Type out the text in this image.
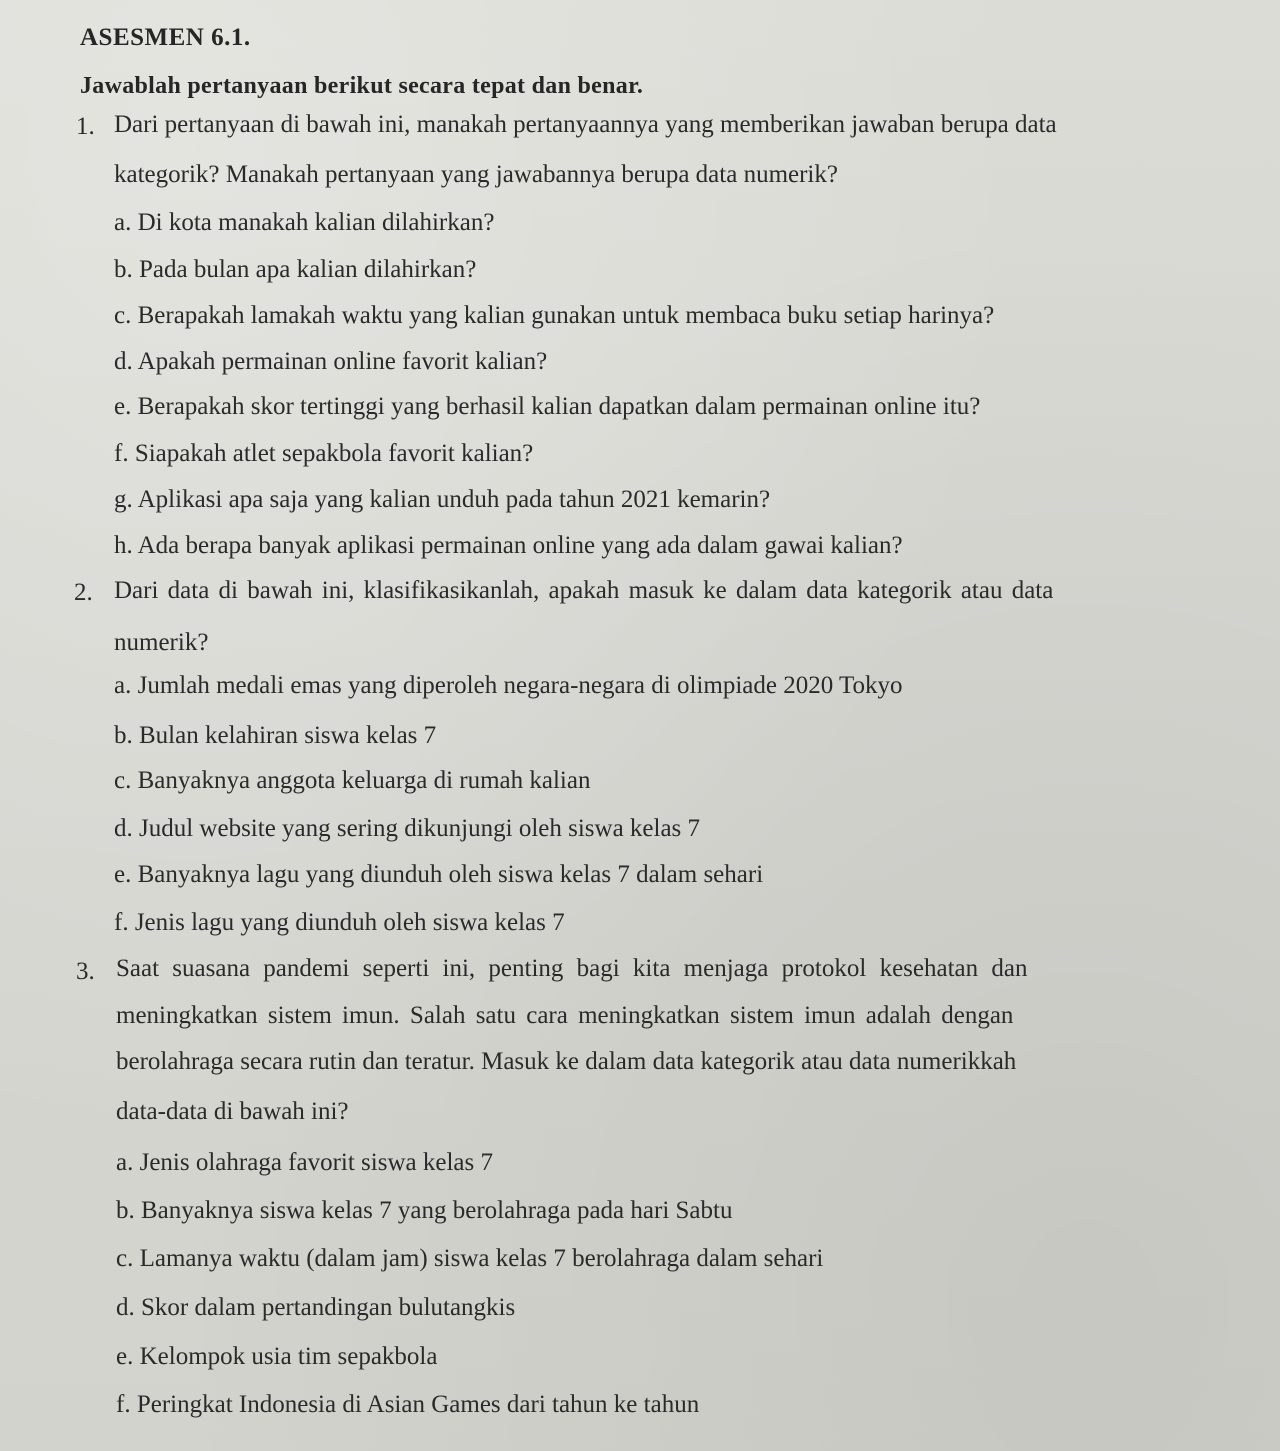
ASESMEN 6.1.
Jawablah pertanyaan berikut secara tepat dan benar.
1. Dari pertanyaan di bawah ini, manakah pertanyaannya yang memberikan jawaban berupa data
kategorik? Manakah pertanyaan yang jawabannya berupa data numerik?
a. Di kota manakah kalian dilahirkan?
b. Pada bulan apa kalian dilahirkan?
c. Berapakah lamakah waktu yang kalian gunakan untuk membaca buku setiap harinya?
d. Apakah permainan online favorit kalian?
e. Berapakah skor tertinggi yang berhasil kalian dapatkan dalam permainan online itu?
f. Siapakah atlet sepakbola favorit kalian?
g. Aplikasi apa saja yang kalian unduh pada tahun 2021 kemarin?
h. Ada berapa banyak aplikasi permainan online yang ada dalam gawai kalian?
2. Dari data di bawah ini, klasifikasikanlah, apakah masuk ke dalam data kategorik atau data
numerik?
a. Jumlah medali emas yang diperoleh negara-negara di olimpiade 2020 Tokyo
b. Bulan kelahiran siswa kelas 7
c. Banyaknya anggota keluarga di rumah kalian
d. Judul website yang sering dikunjungi oleh siswa kelas 7
e. Banyaknya lagu yang diunduh oleh siswa kelas 7 dalam sehari
f. Jenis lagu yang diunduh oleh siswa kelas 7
3. Saat suasana pandemi seperti ini, penting bagi kita menjaga protokol kesehatan dan
meningkatkan sistem imun. Salah satu cara meningkatkan sistem imun adalah dengan
berolahraga secara rutin dan teratur. Masuk ke dalam data kategorik atau data numerikkah
data-data di bawah ini?
a. Jenis olahraga favorit siswa kelas 7
b. Banyaknya siswa kelas 7 yang berolahraga pada hari Sabtu
c. Lamanya waktu (dalam jam) siswa kelas 7 berolahraga dalam sehari
d. Skor dalam pertandingan bulutangkis
e. Kelompok usia tim sepakbola
f. Peringkat Indonesia di Asian Games dari tahun ke tahun
